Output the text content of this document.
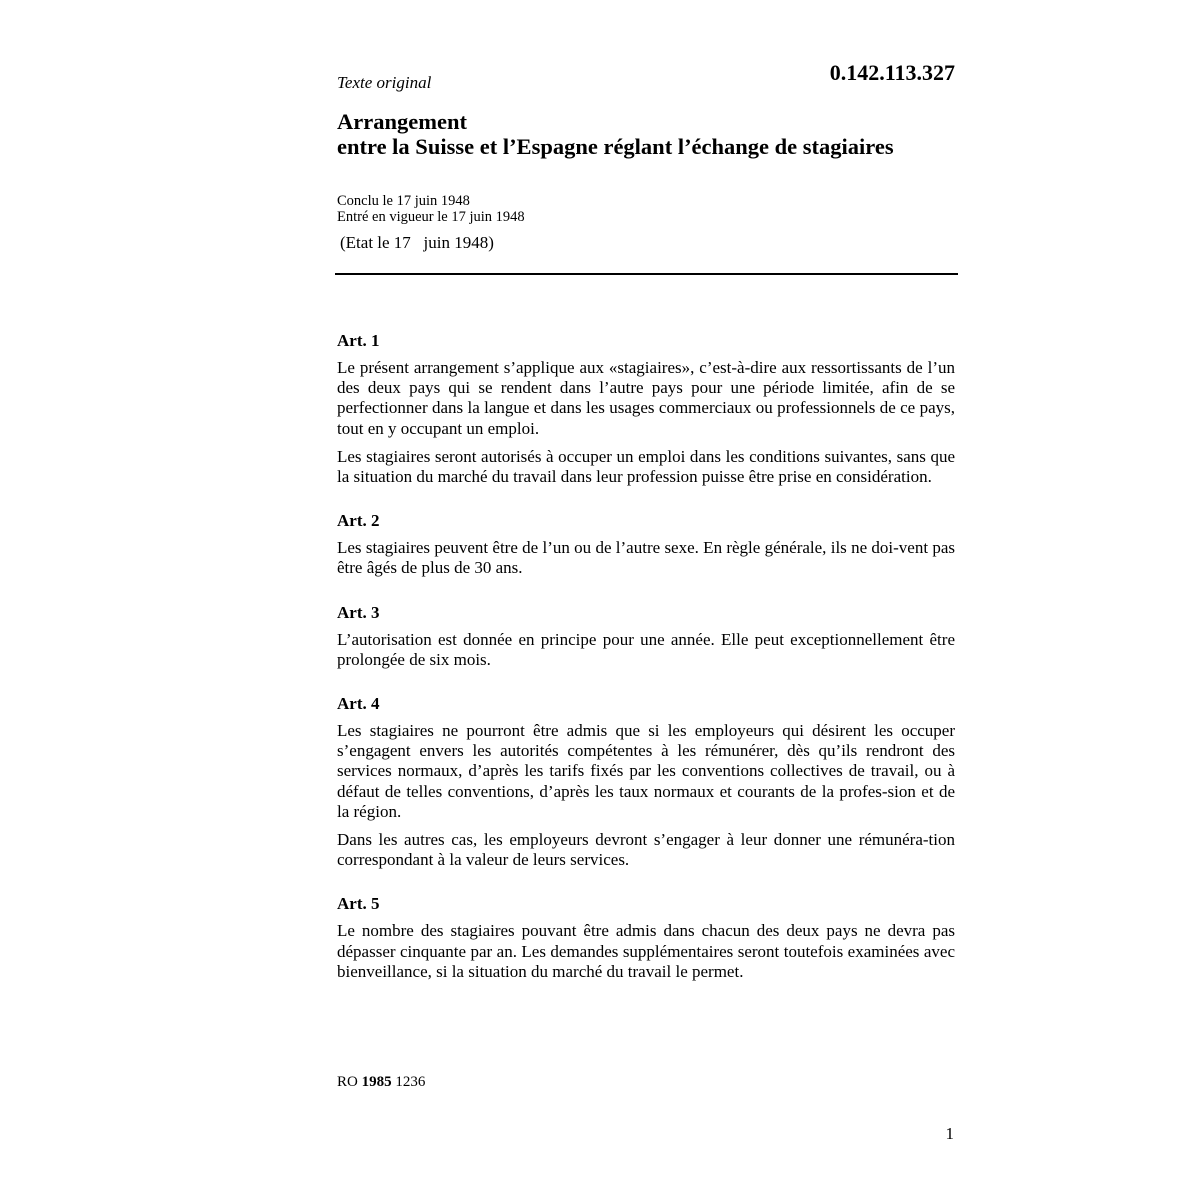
Texte original	0.142.113.327
Arrangement
entre la Suisse et l’Espagne réglant l’échange de stagiaires
Conclu le 17 juin 1948
Entré en vigueur le 17 juin 1948
(Etat le 17   juin 1948)
Art. 1

Le présent arrangement s’applique aux «stagiaires», c’est-à-dire aux ressortissants de l’un des deux pays qui se rendent dans l’autre pays pour une période limitée, afin de se perfectionner dans la langue et dans les usages commerciaux ou professionnels de ce pays, tout en y occupant un emploi.

Les stagiaires seront autorisés à occuper un emploi dans les conditions suivantes, sans que la situation du marché du travail dans leur profession puisse être prise en considération.

Art. 2

Les stagiaires peuvent être de l’un ou de l’autre sexe. En règle générale, ils ne doi-vent pas être âgés de plus de 30 ans.

Art. 3

L’autorisation est donnée en principe pour une année. Elle peut exceptionnellement être prolongée de six mois.

Art. 4

Les stagiaires ne pourront être admis que si les employeurs qui désirent les occuper s’engagent envers les autorités compétentes à les rémunérer, dès qu’ils rendront des services normaux, d’après les tarifs fixés par les conventions collectives de travail, ou à défaut de telles conventions, d’après les taux normaux et courants de la profes-sion et de la région.

Dans les autres cas, les employeurs devront s’engager à leur donner une rémunéra-tion correspondant à la valeur de leurs services.

Art. 5

Le nombre des stagiaires pouvant être admis dans chacun des deux pays ne devra pas dépasser cinquante par an. Les demandes supplémentaires seront toutefois examinées avec bienveillance, si la situation du marché du travail le permet.

RO 1985 1236
1
